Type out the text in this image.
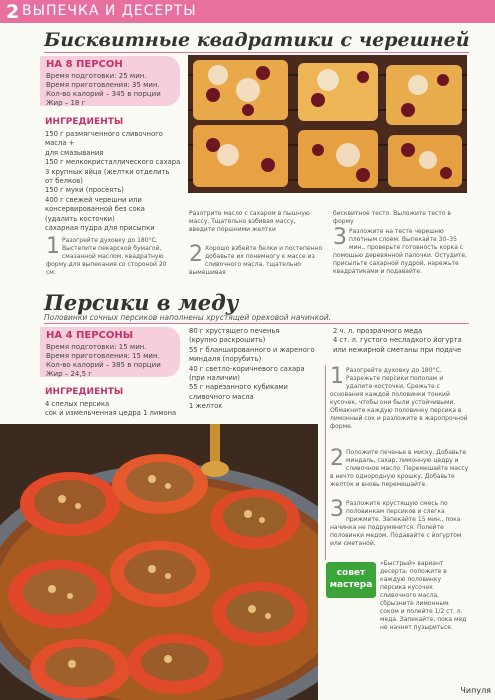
2 ВЫПЕЧКА И ДЕСЕРТЫ
Бисквитные квадратики с черешней
НА 8 ПЕРСОН
Время подготовки: 25 мин.
Время приготовления: 35 мин.
Кол-во калорий – 345 в порции
Жир – 18 г
ИНГРЕДИЕНТЫ
150 г размягченного сливочного масла +
для смазывания
150 г мелкокристаллического сахара
3 крупных яйца (желтки отделить
от белков)
150 г муки (просеять)
400 г свежей черешни или
консервированной без сока
(удалить косточки)
сахарная пудра для присыпки
1 Разогрейте духовку до 180°С. Выстелите пекарской бумагой, смазанной маслом, квадратную форму для выпекания со стороной 20 см.
Разотрите масло с сахаром в пышную массу. Тщательно взбивая массу, введите поршними желтки
2 Хорошо взбейте белки и постепенно добавьте их понемногу к массе из сливочного масла, тщательно вымешивая
бисквитное тесто. Выложите тесто в форму
3 Разложите на тесте черешню плотным слоем. Выпекайте 30–35 мин., проверьте готовность корка с помощью деревянной палочки. Остудите, присыпьте сахарной пудрой, нарежьте квадратиками и подавайте.
Персики в меду
Половинки сочных персиков наполнены хрустящей ореховой начинкой.
НА 4 ПЕРСОНЫ
Время подготовки: 15 мин.
Время приготовления: 15 мин.
Кол-во калорий – 385 в порции
Жир – 24,5 г
ИНГРЕДИЕНТЫ
4 спелых персика
сок и измельченная цедра 1 лимона
80 г хрустящего печенья
(крупно раскрошить)
55 г бланшированного и жареного
миндаля (порубить)
40 г светло-коричневого сахара
(при наличии)
55 г нарезанного кубиками
сливочного масла
1 желток
2 ч. л. прозрачного меда
4 ст. л. густого несладкого йогурта
или нежирной сметаны при подаче
1 Разогрейте духовку до 180°С. Разрежьте персики пополам и удалите косточки. Срежьте с основания каждой половинки тонкий кусочек, чтобы они были устойчивыми. Обмакните каждую половинку персика в лимонный сок и разложите в жаропрочной форме.
2 Положите печенье в миску. Добавьте миндаль, сахар, лимонную цедру и сливочное масло. Перемешайте массу в нечто однородную крошку. Добавьте желток и вновь перемешайте.
3 Разложите хрустящую смесь по половинкам персиков и слегка прижмите. Запекайте 15 мин., пока начинка не подрумянится. Полейте половинки медом. Подавайте с йогуртом или сметаной.
совет
мастера
«Быстрый» вариант десерта: положите в каждую половинку персика кусочек сливочного масла, сбрызните лимонным соком и полейте 1/2 ст. л. меда. Запекайте, пока мед не начнет пузыриться.
Чипуля
